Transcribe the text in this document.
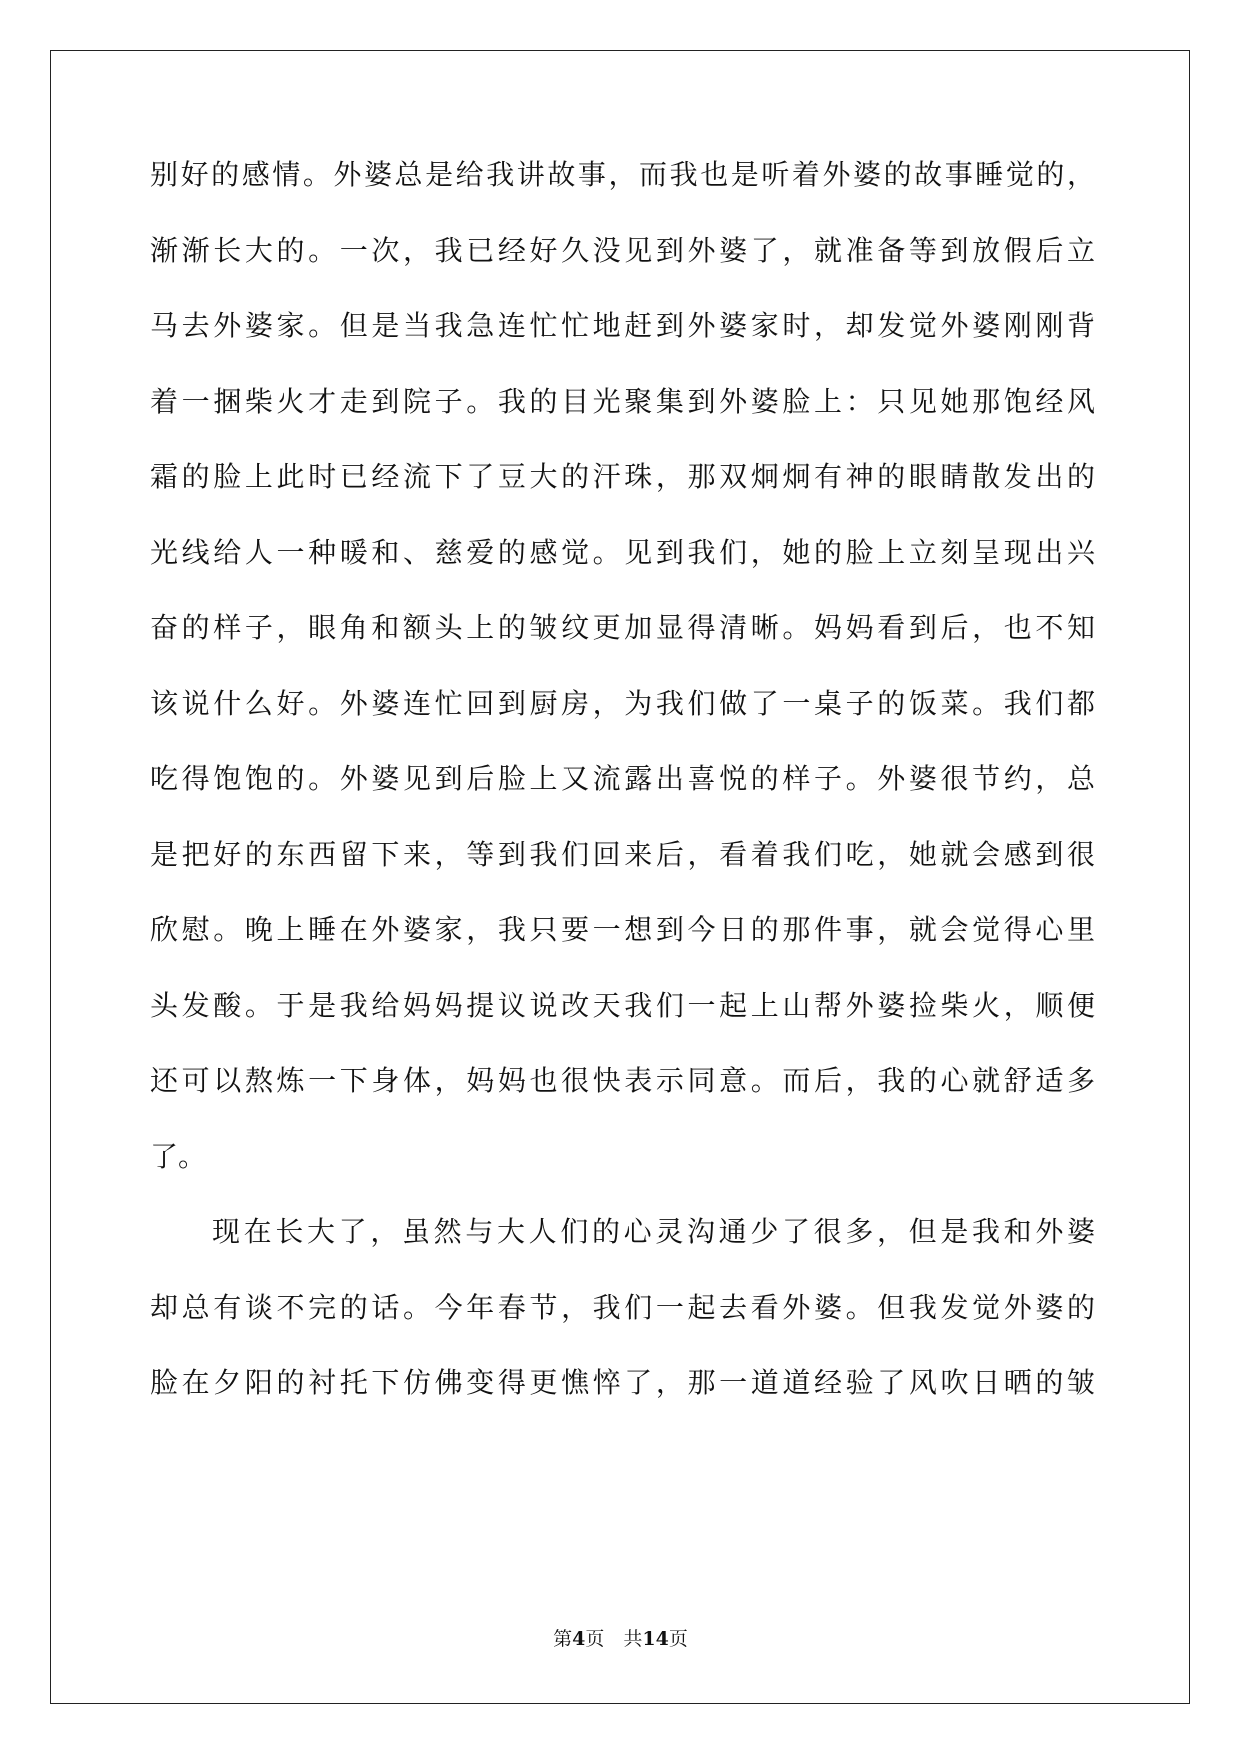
别好的感情。外婆总是给我讲故事，而我也是听着外婆的故事睡觉的，
渐渐长大的。一次，我已经好久没见到外婆了，就准备等到放假后立
马去外婆家。但是当我急连忙忙地赶到外婆家时，却发觉外婆刚刚背
着一捆柴火才走到院子。我的目光聚集到外婆脸上：只见她那饱经风
霜的脸上此时已经流下了豆大的汗珠，那双炯炯有神的眼睛散发出的
光线给人一种暖和、慈爱的感觉。见到我们，她的脸上立刻呈现出兴
奋的样子，眼角和额头上的皱纹更加显得清晰。妈妈看到后，也不知
该说什么好。外婆连忙回到厨房，为我们做了一桌子的饭菜。我们都
吃得饱饱的。外婆见到后脸上又流露出喜悦的样子。外婆很节约，总
是把好的东西留下来，等到我们回来后，看着我们吃，她就会感到很
欣慰。晚上睡在外婆家，我只要一想到今日的那件事，就会觉得心里
头发酸。于是我给妈妈提议说改天我们一起上山帮外婆捡柴火，顺便
还可以熬炼一下身体，妈妈也很快表示同意。而后，我的心就舒适多
了。
现在长大了，虽然与大人们的心灵沟通少了很多，但是我和外婆
却总有谈不完的话。今年春节，我们一起去看外婆。但我发觉外婆的
脸在夕阳的衬托下仿佛变得更憔悴了，那一道道经验了风吹日晒的皱
第4页　共14页
